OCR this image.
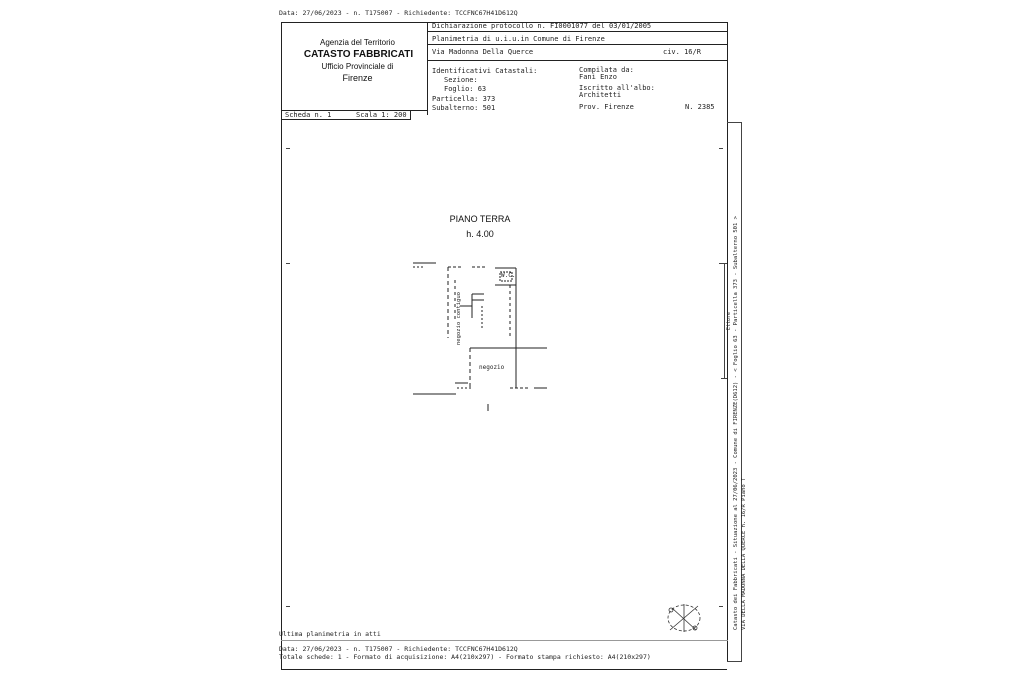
Data: 27/06/2023 - n. T175007 - Richiedente: TCCFNC67H41D612Q
Agenzia del Territorio
CATASTO FABBRICATI
Ufficio Provinciale di
Firenze
Dichiarazione protocollo n. FI0001077 del 03/01/2005
Planimetria di u.i.u.in Comune di Firenze
Via Madonna Della Querce	civ. 16/R
Identificativi Catastali:
Sezione:
Foglio: 63
Particella: 373
Subalterno: 501
Compilata da:
Fani Enzo
Iscritto all'albo:
Architetti
Prov. Firenze	N. 2385
Scheda n. 1	Scala 1: 200
PIANO TERRA
h. 4.00
W.C.
negozio
negozio contiguo	Catasto dei Fabbricati - Situazione al 27/06/2023 - Comune di FIRENZE(D612) - < Foglio 63 - Particella 373 - Subalterno 501 > VIA DELLA MADONNA DELLA QUERCE n. 16/R Piano T
Ettore
Ultima planimetria in atti
Data: 27/06/2023 - n. T175007 - Richiedente: TCCFNC67H41D612Q
Totale schede: 1 - Formato di acquisizione: A4(210x297) - Formato stampa richiesto: A4(210x297)
